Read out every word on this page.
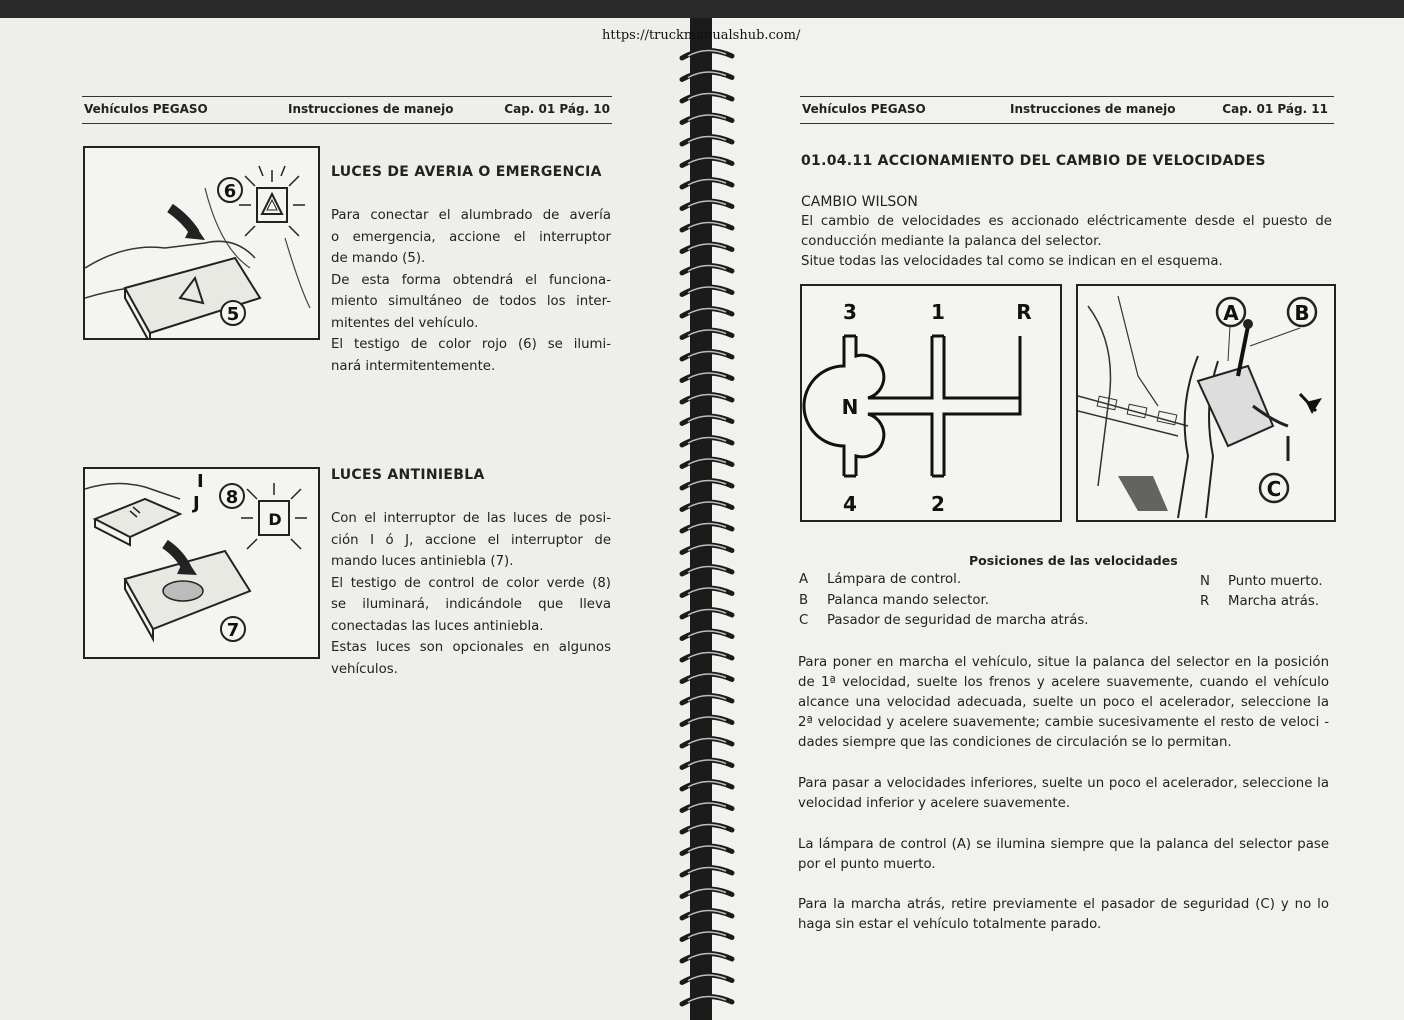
Vehículos PEGASO	Instrucciones de manejo	Cap. 01 Pág. 10
6
5
LUCES DE AVERIA O EMERGENCIA
Para conectar el alumbrado de avería
o emergencia, accione el interruptor
de mando (5).
De esta forma obtendrá el funciona-
miento simultáneo de todos los inter-
mitentes del vehículo.
El testigo de color rojo (6) se ilumi-
nará intermitentemente.
8
7
I
J
D
LUCES ANTINIEBLA
Con el interruptor de las luces de posi-
ción I ó J, accione el interruptor de
mando luces antiniebla (7).
El testigo de control de color verde (8)
se iluminará, indicándole que lleva
conectadas las luces antiniebla.
Estas luces son opcionales en algunos
vehículos.
Vehículos PEGASO	Instrucciones de manejo	Cap. 01 Pág. 11
01.04.11 ACCIONAMIENTO DEL CAMBIO DE VELOCIDADES
CAMBIO WILSON
El cambio de velocidades es accionado eléctricamente desde el puesto de
conducción mediante la palanca del selector.
Situe todas las velocidades tal como se indican en el esquema.
3	1	R
N
4	2
A	B
C
Posiciones de las velocidades
A Lámpara de control.
B Palanca mando selector.
C Pasador de seguridad de marcha atrás.
N Punto muerto.
R Marcha atrás.
Para poner en marcha el vehículo, situe la palanca del selector en la posición
de 1ª velocidad, suelte los frenos y acelere suavemente, cuando el vehículo
alcance una velocidad adecuada, suelte un poco el acelerador, seleccione la
2ª velocidad y acelere suavemente; cambie sucesivamente el resto de veloci -
dades siempre que las condiciones de circulación se lo permitan.
Para pasar a velocidades inferiores, suelte un poco el acelerador, seleccione la
velocidad inferior y acelere suavemente.
La lámpara de control (A) se ilumina siempre que la palanca del selector pase
por el punto muerto.
Para la marcha atrás, retire previamente el pasador de seguridad (C) y no lo
haga sin estar el vehículo totalmente parado.
https://truckmanualshub.com/
